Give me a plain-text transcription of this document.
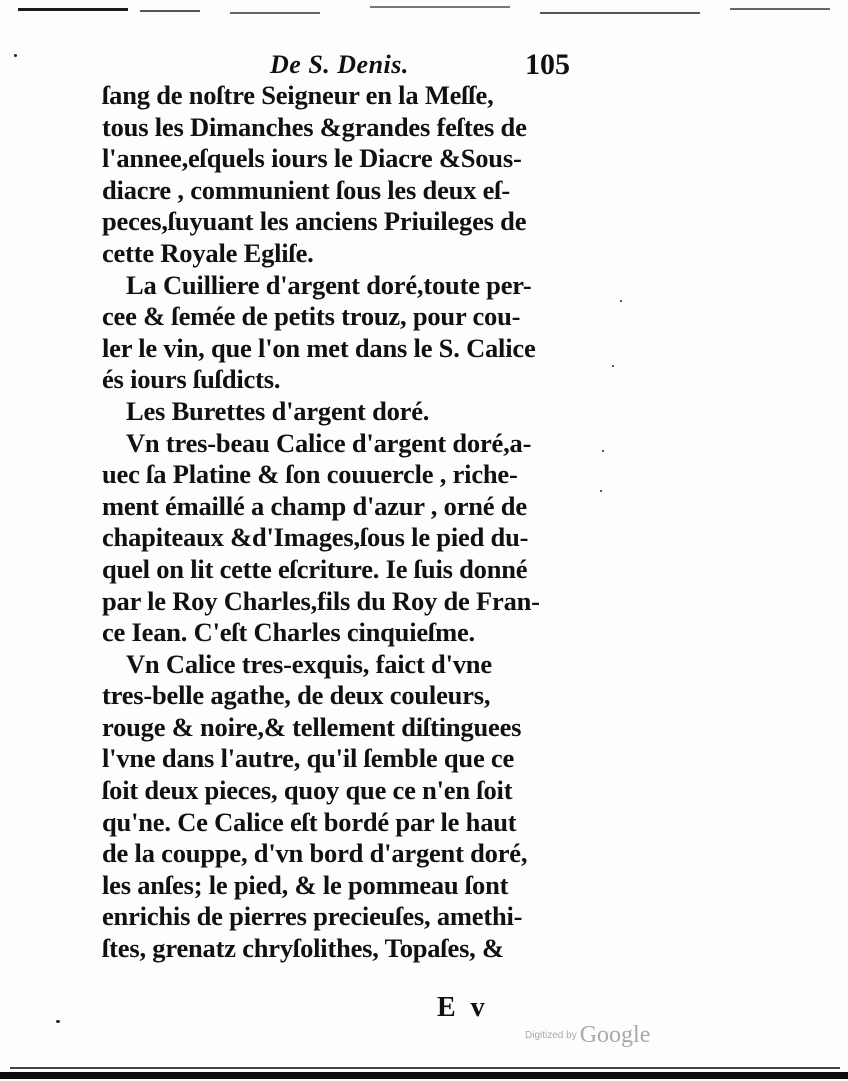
De S. Denis.	105
ſang de noſtre Seigneur en la Meſſe,
tous les Dimanches &grandes feſtes de
l'annee,eſquels iours le Diacre &Sous-
diacre , communient ſous les deux eſ-
peces,ſuyuant les anciens Priuileges de
cette Royale Egliſe.
La Cuilliere d'argent doré,toute per-
cee & ſemée de petits trouz, pour cou-
ler le vin, que l'on met dans le S. Calice
és iours ſuſdicts.
Les Burettes d'argent doré.
Vn tres-beau Calice d'argent doré,a-
uec ſa Platine & ſon couuercle , riche-
ment émaillé a champ d'azur , orné de
chapiteaux &d'Images,ſous le pied du-
quel on lit cette eſcriture. Ie ſuis donné
par le Roy Charles,fils du Roy de Fran-
ce Iean. C'eſt Charles cinquieſme.
Vn Calice tres-exquis, faict d'vne
tres-belle agathe, de deux couleurs,
rouge & noire,& tellement diſtinguees
l'vne dans l'autre, qu'il ſemble que ce
ſoit deux pieces, quoy que ce n'en ſoit
qu'ne. Ce Calice eſt bordé par le haut
de la couppe, d'vn bord d'argent doré,
les anſes; le pied, & le pommeau ſont
enrichis de pierres precieuſes, amethi-
ſtes, grenatz chryſolithes, Topaſes, &
E v
Digitized by Google
